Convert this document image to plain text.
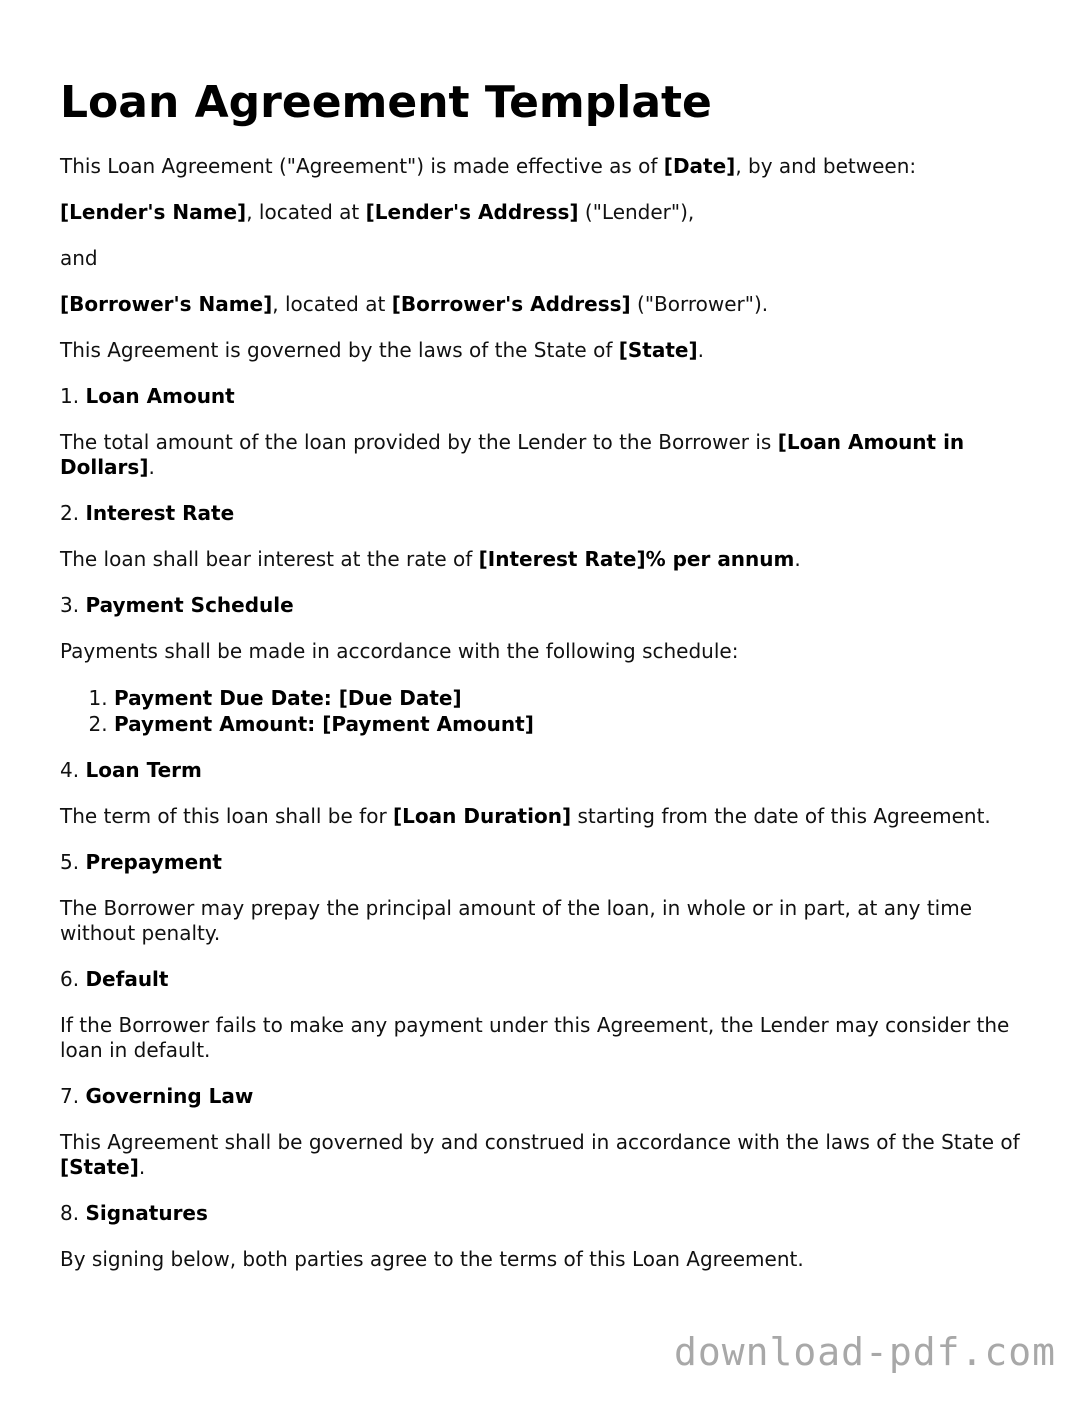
Loan Agreement Template

This Loan Agreement ("Agreement") is made effective as of [Date], by and between:

[Lender's Name], located at [Lender's Address] ("Lender"),

and

[Borrower's Name], located at [Borrower's Address] ("Borrower").

This Agreement is governed by the laws of the State of [State].

1. Loan Amount

The total amount of the loan provided by the Lender to the Borrower is [Loan Amount in Dollars].

2. Interest Rate

The loan shall bear interest at the rate of [Interest Rate]% per annum.

3. Payment Schedule

Payments shall be made in accordance with the following schedule:

1. Payment Due Date: [Due Date]
2. Payment Amount: [Payment Amount]
4. Loan Term

The term of this loan shall be for [Loan Duration] starting from the date of this Agreement.

5. Prepayment

The Borrower may prepay the principal amount of the loan, in whole or in part, at any time without penalty.

6. Default

If the Borrower fails to make any payment under this Agreement, the Lender may consider the loan in default.

7. Governing Law

This Agreement shall be governed by and construed in accordance with the laws of the State of [State].

8. Signatures

By signing below, both parties agree to the terms of this Loan Agreement.

download-pdf.com
